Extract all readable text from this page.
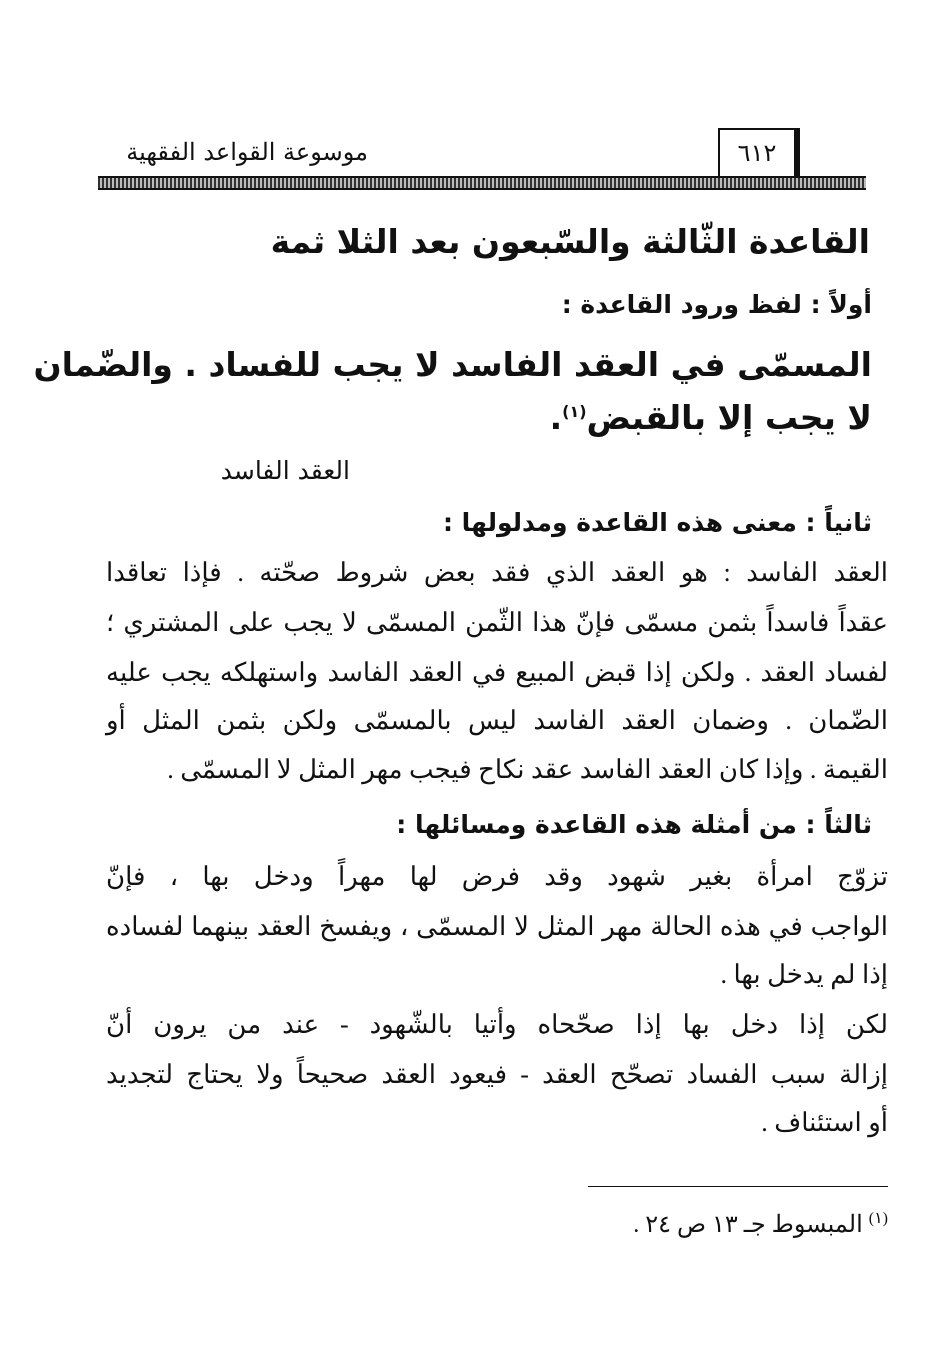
٦١٢
موسوعة القواعد الفقهية
القاعدة الثّالثة والسّبعون بعد الثلا ثمة
أولاً : لفظ ورود القاعدة :
المسمّى في العقد الفاسد لا يجب للفساد . والضّمان
لا يجب إلا بالقبض$^{(١)}$.
العقد الفاسد
ثانياً : معنى هذه القاعدة ومدلولها :
العقد الفاسد : هو العقد الذي فقد بعض شروط صحّته . فإذا تعاقدا
عقداً فاسداً بثمن مسمّى فإنّ هذا الثّمن المسمّى لا يجب على المشتري ؛
لفساد العقد . ولكن إذا قبض المبيع في العقد الفاسد واستهلكه يجب عليه
الضّمان . وضمان العقد الفاسد ليس بالمسمّى ولكن بثمن المثل أو
القيمة . وإذا كان العقد الفاسد عقد نكاح فيجب مهر المثل لا المسمّى .
ثالثاً : من أمثلة هذه القاعدة ومسائلها :
تزوّج امرأة بغير شهود وقد فرض لها مهراً ودخل بها ، فإنّ
الواجب في هذه الحالة مهر المثل لا المسمّى ، ويفسخ العقد بينهما لفساده
إذا لم يدخل بها .
لكن إذا دخل بها إذا صحّحاه وأتيا بالشّهود - عند من يرون أنّ
إزالة سبب الفساد تصحّح العقد - فيعود العقد صحيحاً ولا يحتاج لتجديد
أو استئناف .
$^{(١)}$ المبسوط جـ ١٣ ص ٢٤ .
